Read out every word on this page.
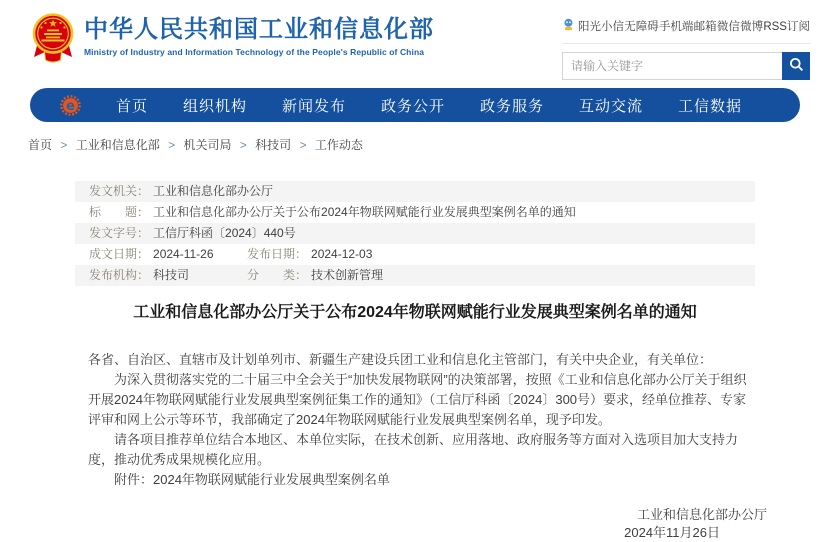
中华人民共和国工业和信息化部
Ministry of Industry and Information Technology of the People's Republic of China
阳光小信 无障碍 手机端 邮箱 微信 微博 RSS订阅
请输入关键字
e	首页 组织机构 新闻发布 政务公开 政务服务 互动交流 工信数据
首页 > 工业和信息化部 > 机关司局 > 科技司 > 工作动态
发文机关： 工业和信息化部办公厅
标　　题： 工业和信息化部办公厅关于公布2024年物联网赋能行业发展典型案例名单的通知
发文字号： 工信厅科函〔2024〕440号
成文日期： 2024-11-26	发布日期： 2024-12-03
发布机构： 科技司	分　　类： 技术创新管理
工业和信息化部办公厅关于公布2024年物联网赋能行业发展典型案例名单的通知

各省、自治区、直辖市及计划单列市、新疆生产建设兵团工业和信息化主管部门，有关中央企业，有关单位：

为深入贯彻落实党的二十届三中全会关于“加快发展物联网”的决策部署，按照《工业和信息化部办公厅关于组织开展2024年物联网赋能行业发展典型案例征集工作的通知》（工信厅科函〔2024〕300号）要求，经单位推荐、专家评审和网上公示等环节，我部确定了2024年物联网赋能行业发展典型案例名单，现予印发。

请各项目推荐单位结合本地区、本单位实际，在技术创新、应用落地、政府服务等方面对入选项目加大支持力度，推动优秀成果规模化应用。

附件：2024年物联网赋能行业发展典型案例名单

工业和信息化部办公厅
2024年11月26日
